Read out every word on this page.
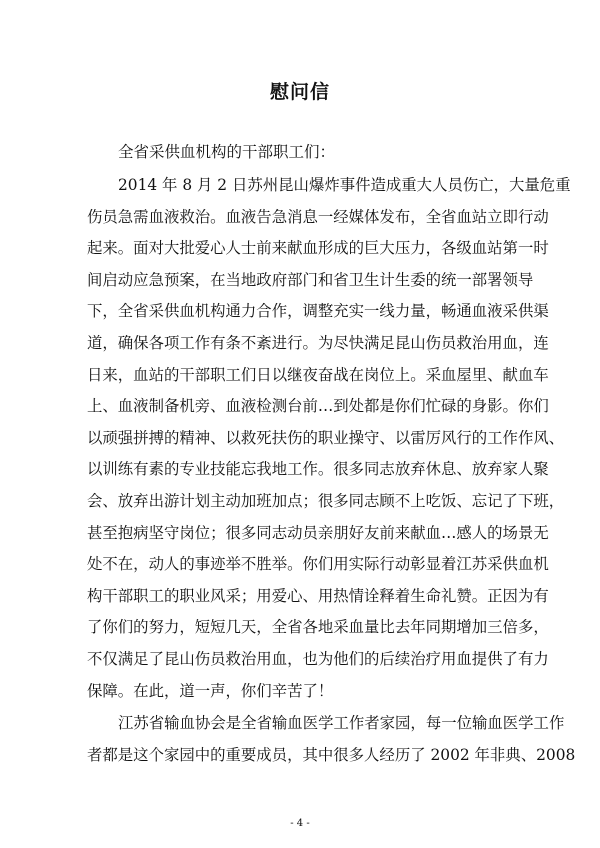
慰问信
全省采供血机构的干部职工们：
2014 年 8 月 2 日苏州昆山爆炸事件造成重大人员伤亡，大量危重
伤员急需血液救治。血液告急消息一经媒体发布，全省血站立即行动
起来。面对大批爱心人士前来献血形成的巨大压力，各级血站第一时
间启动应急预案，在当地政府部门和省卫生计生委的统一部署领导
下，全省采供血机构通力合作，调整充实一线力量，畅通血液采供渠
道，确保各项工作有条不紊进行。为尽快满足昆山伤员救治用血，连
日来，血站的干部职工们日以继夜奋战在岗位上。采血屋里、献血车
上、血液制备机旁、血液检测台前…到处都是你们忙碌的身影。你们
以顽强拼搏的精神、以救死扶伤的职业操守、以雷厉风行的工作作风、
以训练有素的专业技能忘我地工作。很多同志放弃休息、放弃家人聚
会、放弃出游计划主动加班加点；很多同志顾不上吃饭、忘记了下班，
甚至抱病坚守岗位；很多同志动员亲朋好友前来献血…感人的场景无
处不在，动人的事迹举不胜举。你们用实际行动彰显着江苏采供血机
构干部职工的职业风采；用爱心、用热情诠释着生命礼赞。正因为有
了你们的努力，短短几天，全省各地采血量比去年同期增加三倍多，
不仅满足了昆山伤员救治用血，也为他们的后续治疗用血提供了有力
保障。在此，道一声，你们辛苦了！
江苏省输血协会是全省输血医学工作者家园，每一位输血医学工作
者都是这个家园中的重要成员，其中很多人经历了 2002 年非典、2008
- 4 -
